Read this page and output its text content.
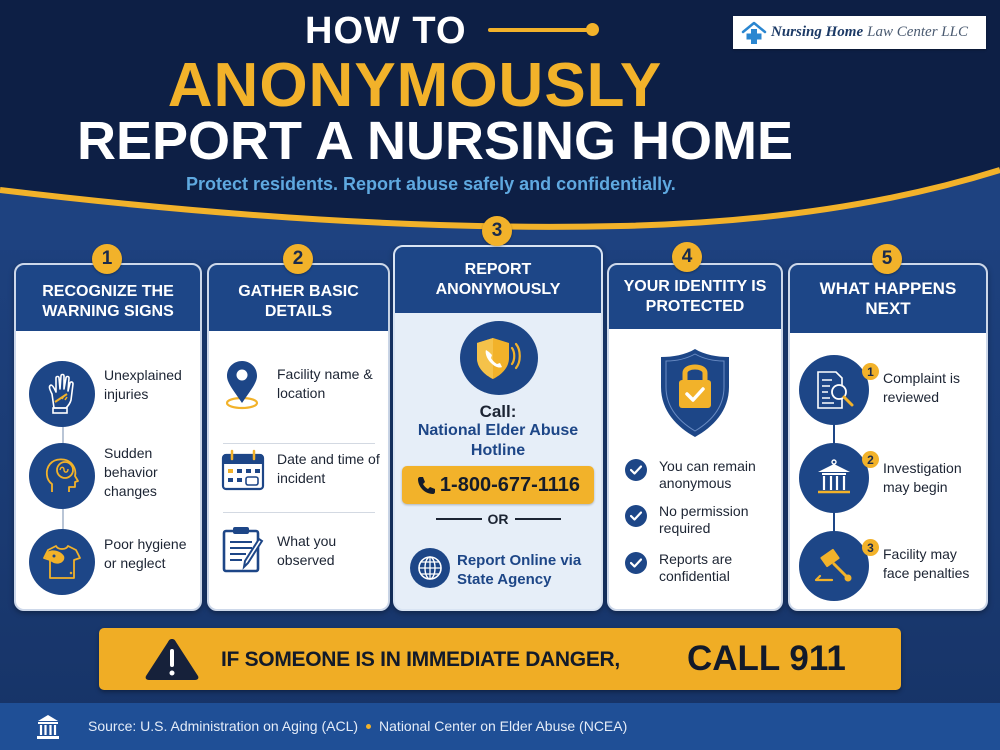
HOW TO
ANONYMOUSLY
REPORT A NURSING HOME
Protect residents. Report abuse safely and confidentially.
Nursing Home Law Center LLC
1
RECOGNIZE THE WARNING SIGNS
Unexplained injuries
Sudden behavior changes
Poor hygiene or neglect
2
GATHER BASIC DETAILS
Facility name & location
Date and time of incident
What you observed
3
REPORT ANONYMOUSLY
Call:
National Elder Abuse Hotline
1-800-677-1116
OR
Report Online via State Agency
4
YOUR IDENTITY IS PROTECTED
You can remain anonymous
No permission required
Reports are confidential
5
WHAT HAPPENS NEXT
1 Complaint is reviewed
2
Investigation may begin
3 Facility may face penalties
IF SOMEONE IS IN IMMEDIATE DANGER, CALL 911
Source: U.S. Administration on Aging (ACL) National Center on Elder Abuse (NCEA)
